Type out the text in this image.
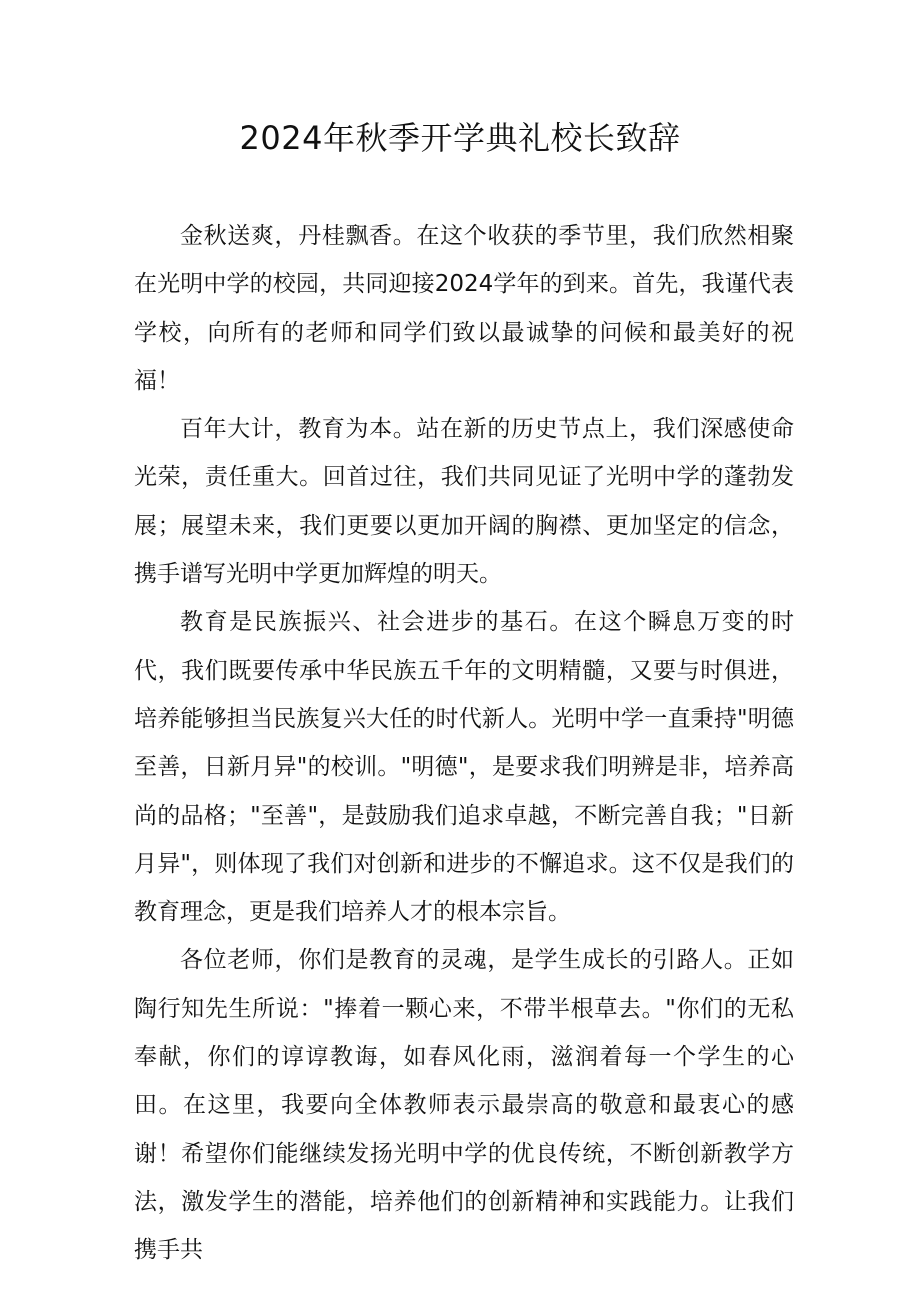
2024年秋季开学典礼校长致辞

金秋送爽，丹桂飘香。在这个收获的季节里，我们欣然相聚在光明中学的校园，共同迎接2024学年的到来。首先，我谨代表学校，向所有的老师和同学们致以最诚挚的问候和最美好的祝福！

百年大计，教育为本。站在新的历史节点上，我们深感使命光荣，责任重大。回首过往，我们共同见证了光明中学的蓬勃发展；展望未来，我们更要以更加开阔的胸襟、更加坚定的信念，携手谱写光明中学更加辉煌的明天。

教育是民族振兴、社会进步的基石。在这个瞬息万变的时代，我们既要传承中华民族五千年的文明精髓，又要与时俱进，培养能够担当民族复兴大任的时代新人。光明中学一直秉持"明德至善，日新月异"的校训。"明德"，是要求我们明辨是非，培养高尚的品格；"至善"，是鼓励我们追求卓越，不断完善自我；"日新月异"，则体现了我们对创新和进步的不懈追求。这不仅是我们的教育理念，更是我们培养人才的根本宗旨。

各位老师，你们是教育的灵魂，是学生成长的引路人。正如陶行知先生所说："捧着一颗心来，不带半根草去。"你们的无私奉献，你们的谆谆教诲，如春风化雨，滋润着每一个学生的心田。在这里，我要向全体教师表示最崇高的敬意和最衷心的感谢！希望你们能继续发扬光明中学的优良传统，不断创新教学方法，激发学生的潜能，培养他们的创新精神和实践能力。让我们携手共
